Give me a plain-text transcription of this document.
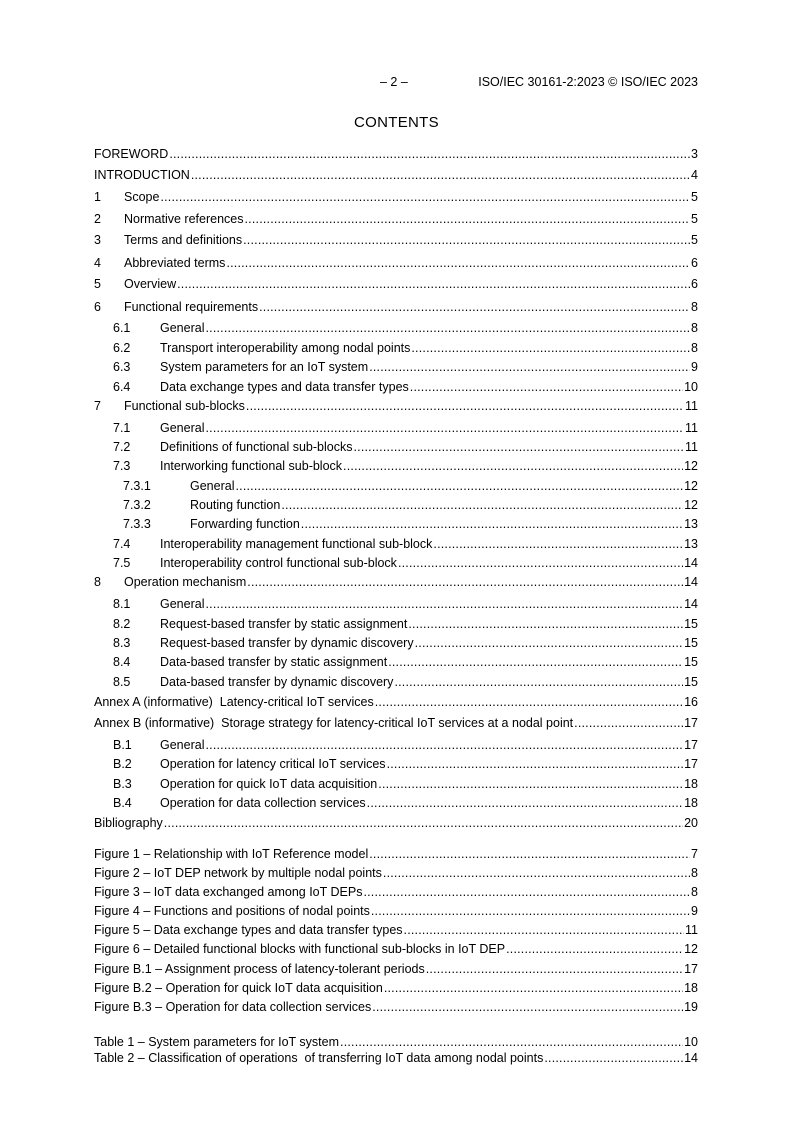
– 2 –	ISO/IEC 30161-2:2023 © ISO/IEC 2023
CONTENTS
FOREWORD .....	3
INTRODUCTION .....	4
1	Scope .....	5
2	Normative references .....	5
3	Terms and definitions .....	5
4	Abbreviated terms .....	6
5	Overview .....	6
6	Functional requirements .....	8
6.1	General .....	8
6.2	Transport interoperability among nodal points .....	8
6.3	System parameters for an IoT system .....	9
6.4	Data exchange types and data transfer types .....	10
7	Functional sub-blocks .....	11
7.1	General .....	11
7.2	Definitions of functional sub-blocks .....	11
7.3	Interworking functional sub-block .....	12
7.3.1	General .....	12
7.3.2	Routing function .....	12
7.3.3	Forwarding function .....	13
7.4	Interoperability management functional sub-block .....	13
7.5	Interoperability control functional sub-block .....	14
8	Operation mechanism .....	14
8.1	General .....	14
8.2	Request-based transfer by static assignment .....	15
8.3	Request-based transfer by dynamic discovery .....	15
8.4	Data-based transfer by static assignment .....	15
8.5	Data-based transfer by dynamic discovery .....	15
Annex A (informative)  Latency-critical IoT services .....	16
Annex B (informative)  Storage strategy for latency-critical IoT services at a nodal point .....	17
B.1	General .....	17
B.2	Operation for latency critical IoT services .....	17
B.3	Operation for quick IoT data acquisition .....	18
B.4	Operation for data collection services .....	18
Bibliography .....	20
Figure 1 – Relationship with IoT Reference model .....	7
Figure 2 – IoT DEP network by multiple nodal points .....	8
Figure 3 – IoT data exchanged among IoT DEPs .....	8
Figure 4 – Functions and positions of nodal points .....	9
Figure 5 – Data exchange types and data transfer types .....	11
Figure 6 – Detailed functional blocks with functional sub-blocks in IoT DEP .....	12
Figure B.1 – Assignment process of latency-tolerant periods .....	17
Figure B.2 – Operation for quick IoT data acquisition .....	18
Figure B.3 – Operation for data collection services .....	19
Table 1 – System parameters for IoT system .....	10
Table 2 – Classification of operations  of transferring IoT data among nodal points .....	14
